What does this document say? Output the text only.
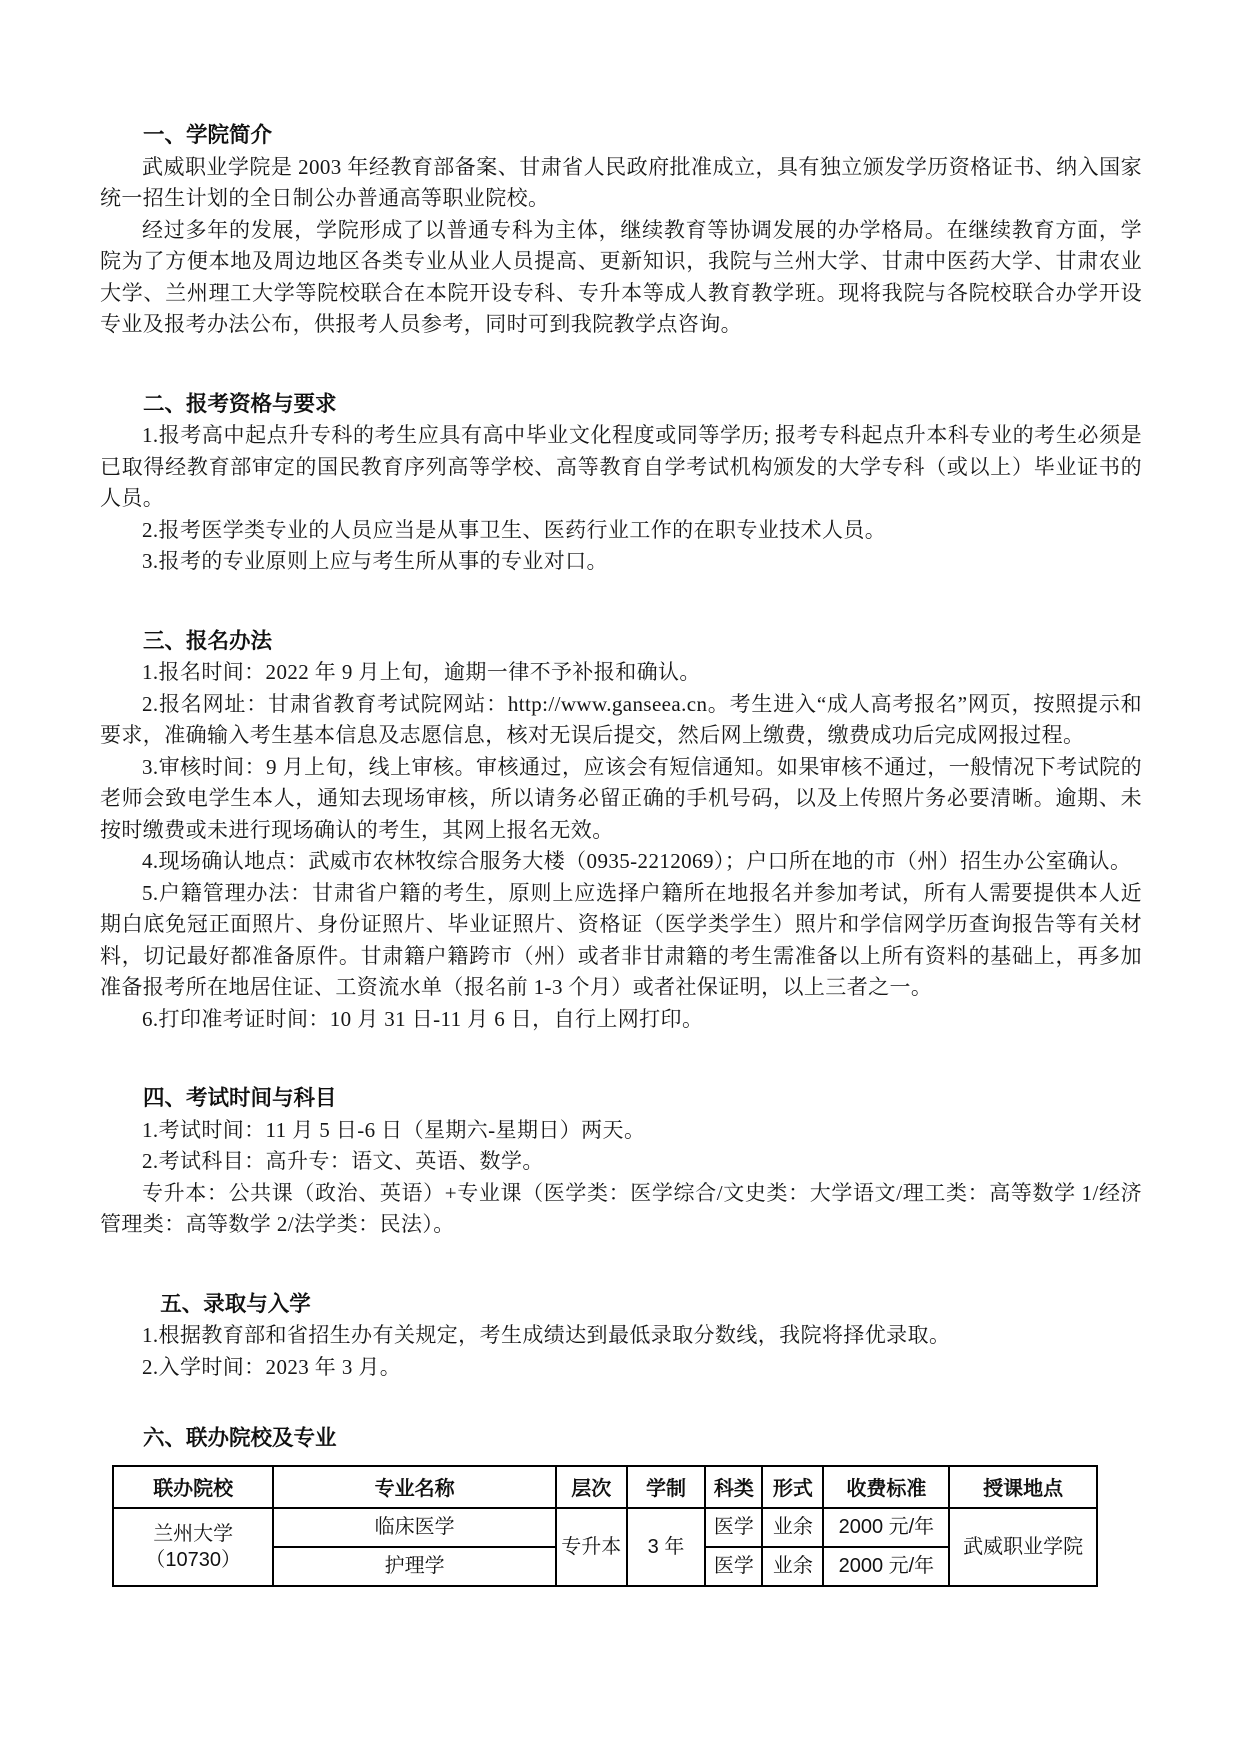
一、学院简介

武威职业学院是 2003 年经教育部备案、甘肃省人民政府批准成立，具有独立颁发学历资格证书、纳入国家统一招生计划的全日制公办普通高等职业院校。

经过多年的发展，学院形成了以普通专科为主体，继续教育等协调发展的办学格局。在继续教育方面，学院为了方便本地及周边地区各类专业从业人员提高、更新知识，我院与兰州大学、甘肃中医药大学、甘肃农业大学、兰州理工大学等院校联合在本院开设专科、专升本等成人教育教学班。现将我院与各院校联合办学开设专业及报考办法公布，供报考人员参考，同时可到我院教学点咨询。

二、报考资格与要求

1.报考高中起点升专科的考生应具有高中毕业文化程度或同等学历; 报考专科起点升本科专业的考生必须是已取得经教育部审定的国民教育序列高等学校、高等教育自学考试机构颁发的大学专科（或以上）毕业证书的人员。

2.报考医学类专业的人员应当是从事卫生、医药行业工作的在职专业技术人员。

3.报考的专业原则上应与考生所从事的专业对口。

三、报名办法

1.报名时间：2022 年 9 月上旬，逾期一律不予补报和确认。

2.报名网址：甘肃省教育考试院网站：http://www.ganseea.cn。考生进入“成人高考报名”网页，按照提示和要求，准确输入考生基本信息及志愿信息，核对无误后提交，然后网上缴费，缴费成功后完成网报过程。

3.审核时间：9 月上旬，线上审核。审核通过，应该会有短信通知。如果审核不通过，一般情况下考试院的老师会致电学生本人，通知去现场审核，所以请务必留正确的手机号码，以及上传照片务必要清晰。逾期、未按时缴费或未进行现场确认的考生，其网上报名无效。

4.现场确认地点：武威市农林牧综合服务大楼（0935-2212069）；户口所在地的市（州）招生办公室确认。

5.户籍管理办法：甘肃省户籍的考生，原则上应选择户籍所在地报名并参加考试，所有人需要提供本人近期白底免冠正面照片、身份证照片、毕业证照片、资格证（医学类学生）照片和学信网学历查询报告等有关材料，切记最好都准备原件。甘肃籍户籍跨市（州）或者非甘肃籍的考生需准备以上所有资料的基础上，再多加准备报考所在地居住证、工资流水单（报名前 1-3 个月）或者社保证明，以上三者之一。

6.打印准考证时间：10 月 31 日-11 月 6 日，自行上网打印。

四、考试时间与科目

1.考试时间：11 月 5 日-6 日（星期六-星期日）两天。

2.考试科目：高升专：语文、英语、数学。

专升本：公共课（政治、英语）+专业课（医学类：医学综合/文史类：大学语文/理工类：高等数学 1/经济管理类：高等数学 2/法学类：民法）。

五、录取与入学

1.根据教育部和省招生办有关规定，考生成绩达到最低录取分数线，我院将择优录取。

2.入学时间：2023 年 3 月。

六、联办院校及专业
联办院校	专业名称	层次	学制	科类	形式	收费标准	授课地点
兰州大学
（10730）	临床医学	专升本	3 年	医学	业余	2000 元/年	武威职业学院
	护理学			医学	业余	2000 元/年	
